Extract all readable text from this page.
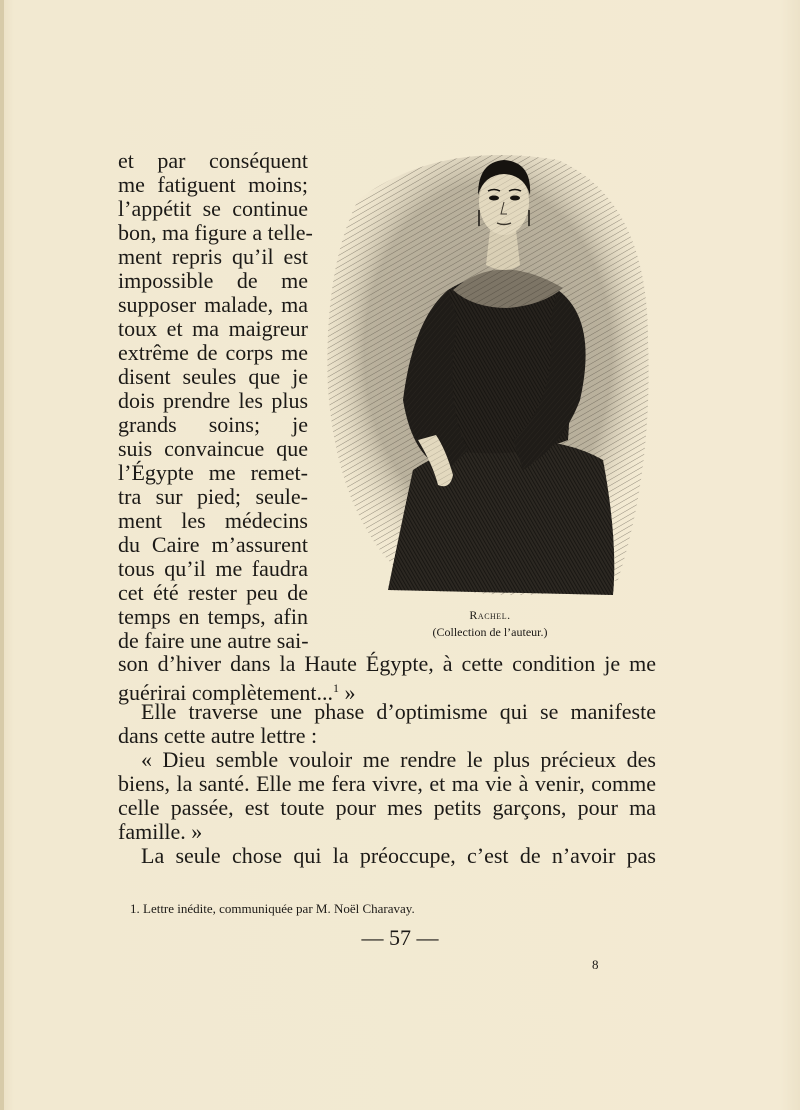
et par conséquent
me fatiguent moins;
l’appétit se continue
bon, ma figure a telle-
ment repris qu’il est
impossible de me
supposer malade, ma
toux et ma maigreur
extrême de corps me
disent seules que je
dois prendre les plus
grands soins; je
suis convaincue que
l’Égypte me remet-
tra sur pied; seule-
ment les médecins
du Caire m’assurent
tous qu’il me faudra
cet été rester peu de
temps en temps, afin
de faire une autre sai-
Rachel.
(Collection de l’auteur.)
son d’hiver dans la Haute Égypte, à cette condition je me
guérirai complètement...$^1$ »
Elle traverse une phase d’optimisme qui se manifeste
dans cette autre lettre :
« Dieu semble vouloir me rendre le plus précieux des
biens, la santé. Elle me fera vivre, et ma vie à venir, comme
celle passée, est toute pour mes petits garçons, pour ma
famille. »
La seule chose qui la préoccupe, c’est de n’avoir pas
1. Lettre inédite, communiquée par M. Noël Charavay.
— 57 —
8
